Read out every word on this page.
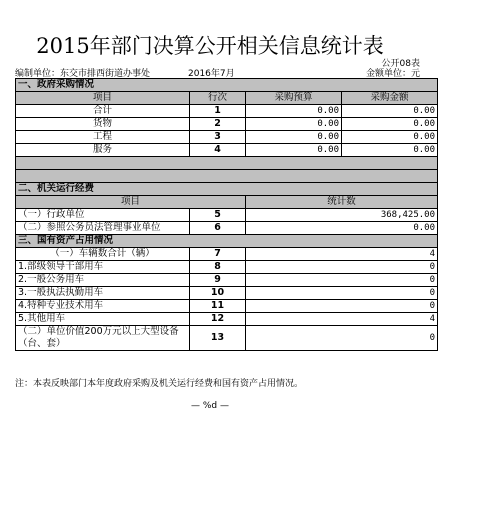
2015年部门决算公开相关信息统计表
公开08表
编制单位：东交市排西街道办事处	2016年7月	金额单位：元
一、政府采购情况			
项目	行次	采购预算	采购金额
合计	1	0.00	0.00
货物	2	0.00	0.00
工程	3	0.00	0.00
服务	4	0.00	0.00

二、机关运行经费			
项目		统计数	
（一）行政单位	5	368,425.00	
（二）参照公务员法管理事业单位	6	0.00	
三、国有资产占用情况			
（一）车辆数合计（辆）	7	4	
1.部级领导干部用车	8	0	
2.一般公务用车	9	0	
3.一般执法执勤用车	10	0	
4.特种专业技术用车	11	0	
5.其他用车	12	4	
（二）单位价值200万元以上大型设备（台、套）	13	0	
注：本表反映部门本年度政府采购及机关运行经费和国有资产占用情况。
— %d —
